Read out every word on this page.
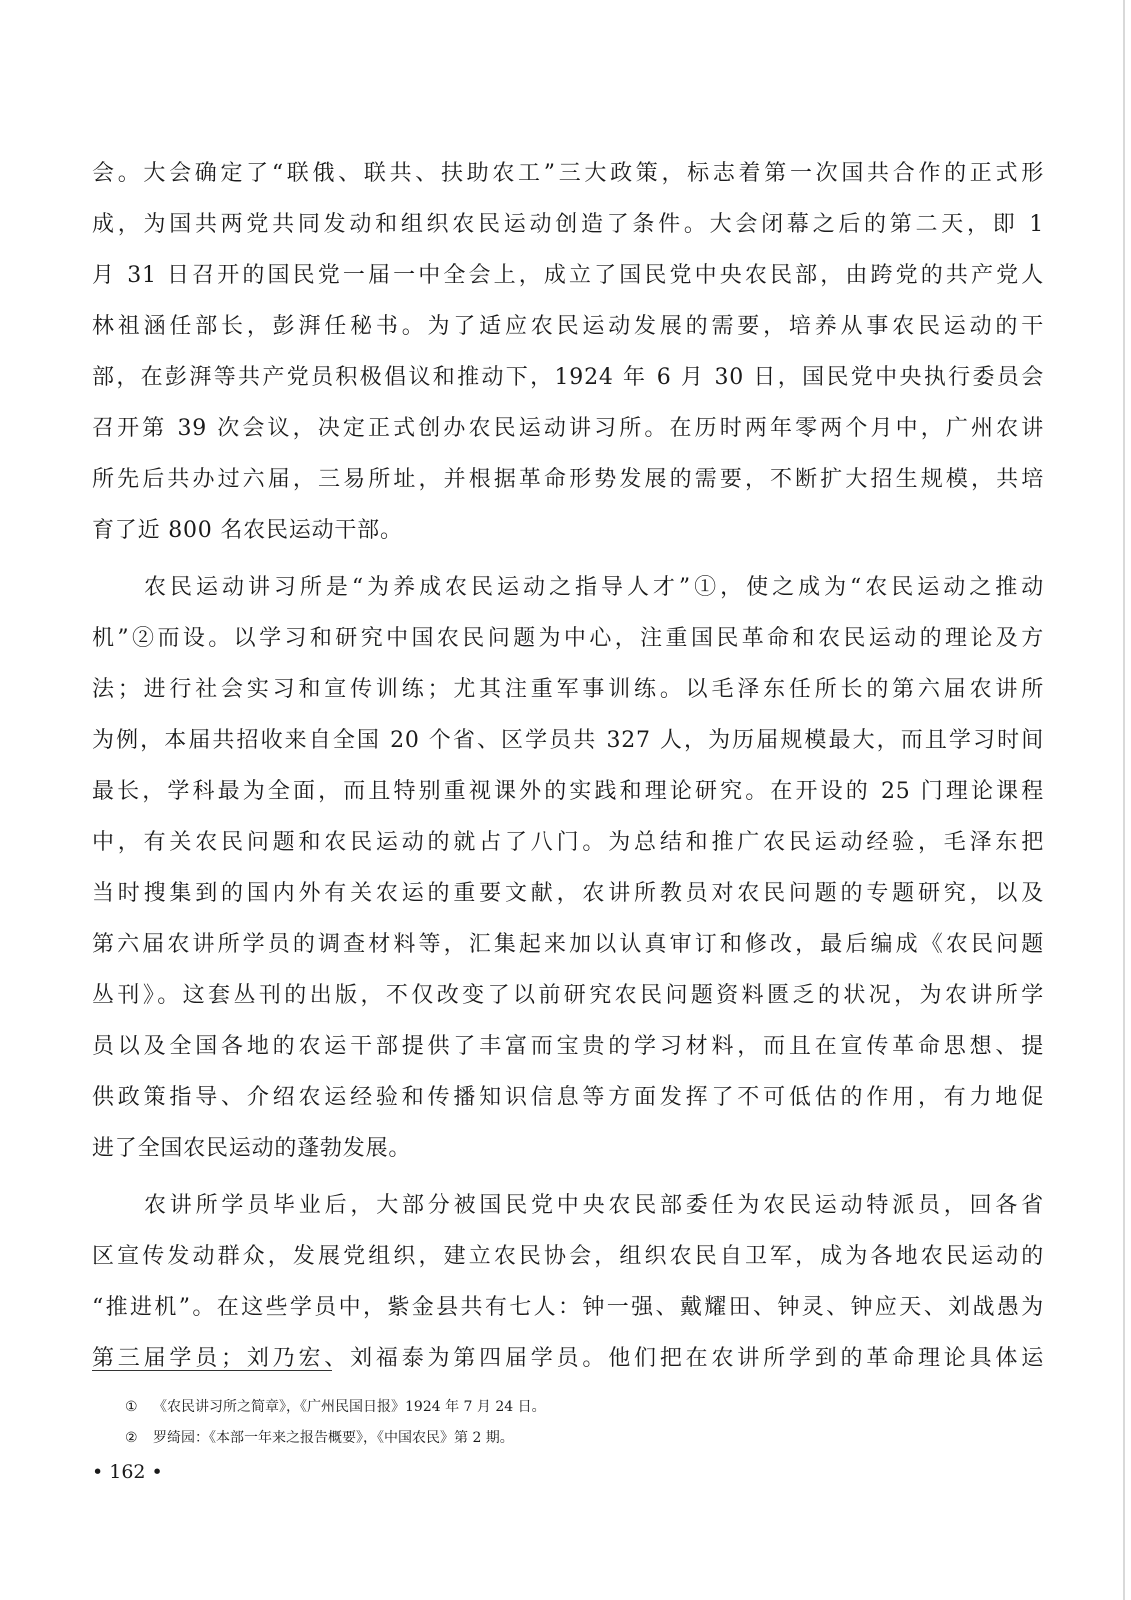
会。大会确定了“联俄、联共、扶助农工”三大政策，标志着第一次国共合作的正式形
成，为国共两党共同发动和组织农民运动创造了条件。大会闭幕之后的第二天，即 1
月 31 日召开的国民党一届一中全会上，成立了国民党中央农民部，由跨党的共产党人
林祖涵任部长，彭湃任秘书。为了适应农民运动发展的需要，培养从事农民运动的干
部，在彭湃等共产党员积极倡议和推动下，1924 年 6 月 30 日，国民党中央执行委员会
召开第 39 次会议，决定正式创办农民运动讲习所。在历时两年零两个月中，广州农讲
所先后共办过六届，三易所址，并根据革命形势发展的需要，不断扩大招生规模，共培
育了近 800 名农民运动干部。
农民运动讲习所是“为养成农民运动之指导人才”①，使之成为“农民运动之推动
机”②而设。以学习和研究中国农民问题为中心，注重国民革命和农民运动的理论及方
法；进行社会实习和宣传训练；尤其注重军事训练。以毛泽东任所长的第六届农讲所
为例，本届共招收来自全国 20 个省、区学员共 327 人，为历届规模最大，而且学习时间
最长，学科最为全面，而且特别重视课外的实践和理论研究。在开设的 25 门理论课程
中，有关农民问题和农民运动的就占了八门。为总结和推广农民运动经验，毛泽东把
当时搜集到的国内外有关农运的重要文献，农讲所教员对农民问题的专题研究，以及
第六届农讲所学员的调查材料等，汇集起来加以认真审订和修改，最后编成《农民问题
丛刊》。这套丛刊的出版，不仅改变了以前研究农民问题资料匮乏的状况，为农讲所学
员以及全国各地的农运干部提供了丰富而宝贵的学习材料，而且在宣传革命思想、提
供政策指导、介绍农运经验和传播知识信息等方面发挥了不可低估的作用，有力地促
进了全国农民运动的蓬勃发展。
农讲所学员毕业后，大部分被国民党中央农民部委任为农民运动特派员，回各省
区宣传发动群众，发展党组织，建立农民协会，组织农民自卫军，成为各地农民运动的
“推进机”。在这些学员中，紫金县共有七人：钟一强、戴耀田、钟灵、钟应天、刘战愚为
第三届学员；刘乃宏、刘福泰为第四届学员。他们把在农讲所学到的革命理论具体运
① 《农民讲习所之简章》，《广州民国日报》1924 年 7 月 24 日。
② 罗绮园：《本部一年来之报告概要》，《中国农民》第 2 期。
• 162 •
